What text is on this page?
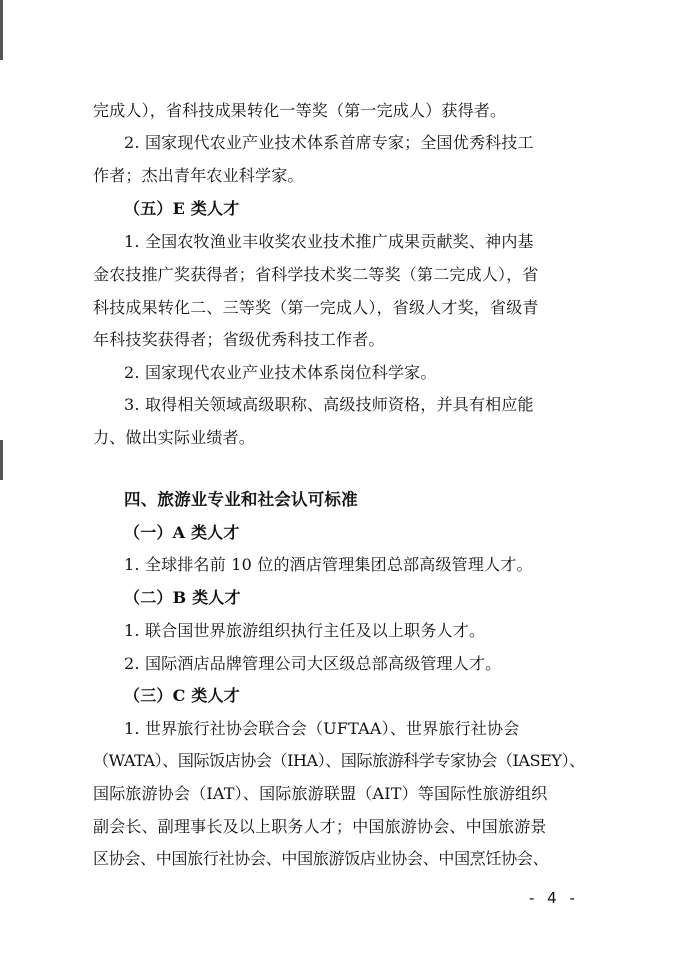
完成人），省科技成果转化一等奖（第一完成人）获得者。
2. 国家现代农业产业技术体系首席专家；全国优秀科技工
作者；杰出青年农业科学家。
（五）E 类人才
1. 全国农牧渔业丰收奖农业技术推广成果贡献奖、神内基
金农技推广奖获得者；省科学技术奖二等奖（第二完成人），省
科技成果转化二、三等奖（第一完成人），省级人才奖，省级青
年科技奖获得者；省级优秀科技工作者。
2. 国家现代农业产业技术体系岗位科学家。
3. 取得相关领域高级职称、高级技师资格，并具有相应能
力、做出实际业绩者。
四、旅游业专业和社会认可标准
（一）A 类人才
1. 全球排名前 10 位的酒店管理集团总部高级管理人才。
（二）B 类人才
1. 联合国世界旅游组织执行主任及以上职务人才。
2. 国际酒店品牌管理公司大区级总部高级管理人才。
（三）C 类人才
1. 世界旅行社协会联合会（UFTAA）、世界旅行社协会
（WATA）、国际饭店协会（IHA）、国际旅游科学专家协会（IASEY）、
国际旅游协会（IAT）、国际旅游联盟（AIT）等国际性旅游组织
副会长、副理事长及以上职务人才；中国旅游协会、中国旅游景
区协会、中国旅行社协会、中国旅游饭店业协会、中国烹饪协会、
- 4 -
